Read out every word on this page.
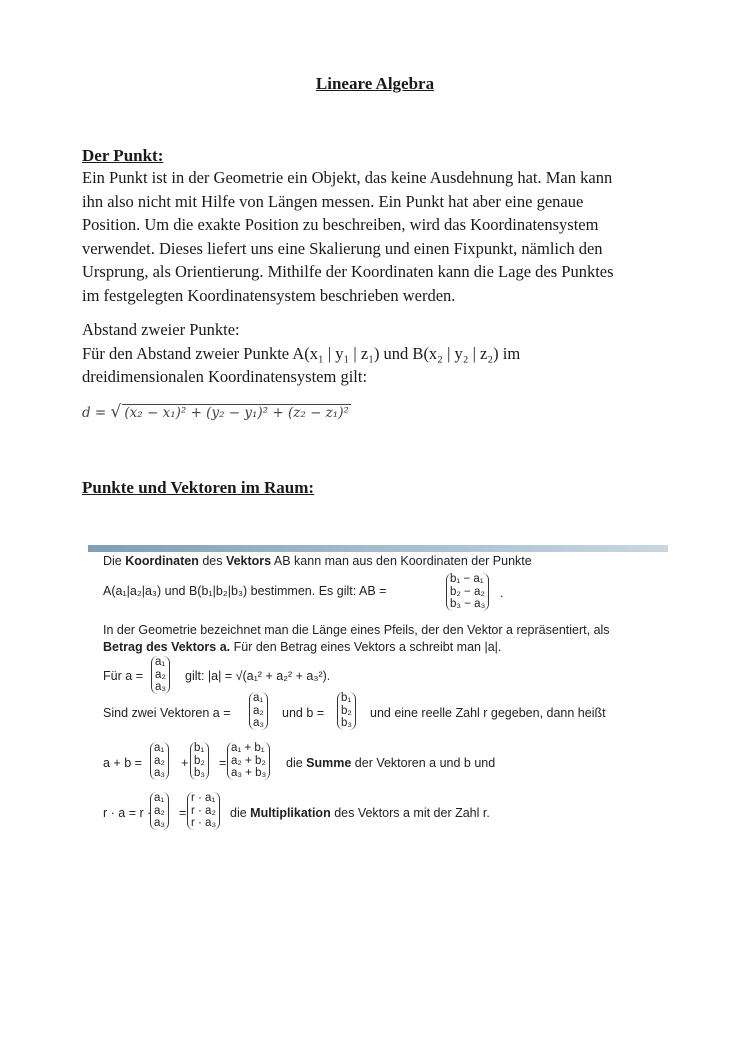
Lineare Algebra
Der Punkt:
Ein Punkt ist in der Geometrie ein Objekt, das keine Ausdehnung hat. Man kann
ihn also nicht mit Hilfe von Längen messen. Ein Punkt hat aber eine genaue
Position. Um die exakte Position zu beschreiben, wird das Koordinatensystem
verwendet. Dieses liefert uns eine Skalierung und einen Fixpunkt, nämlich den
Ursprung, als Orientierung. Mithilfe der Koordinaten kann die Lage des Punktes
im festgelegten Koordinatensystem beschrieben werden.
Abstand zweier Punkte:
Für den Abstand zweier Punkte A(x₁ | y₁ | z₁) und B(x₂ | y₂ | z₂) im
dreidimensionalen Koordinatensystem gilt:
d = √ (x₂ − x₁)² + (y₂ − y₁)² + (z₂ − z₁)²
Punkte und Vektoren im Raum:
Die Koordinaten des Vektors AB kann man aus den Koordinaten der Punkte
A(a₁|a₂|a₃) und B(b₁|b₂|b₃) bestimmen. Es gilt: AB =
b₁ − a₁
b₂ − a₂
b₃ − a₃
.
In der Geometrie bezeichnet man die Länge eines Pfeils, der den Vektor a repräsentiert, als
Betrag des Vektors a. Für den Betrag eines Vektors a schreibt man |a|.
Für a =
a₁
a₂
a₃
gilt: |a| = √(a₁² + a₂² + a₃²).
Sind zwei Vektoren a =
a₁
a₂
a₃
und b =
b₁
b₂
b₃
und eine reelle Zahl r gegeben, dann heißt
a + b =
a₁
a₂
a₃
+
b₁
b₂
b₃
=
a₁ + b₁
a₂ + b₂
a₃ + b₃
die Summe der Vektoren a und b und
r · a = r ·
a₁
a₂
a₃
=
r · a₁
r · a₂
r · a₃
die Multiplikation des Vektors a mit der Zahl r.
